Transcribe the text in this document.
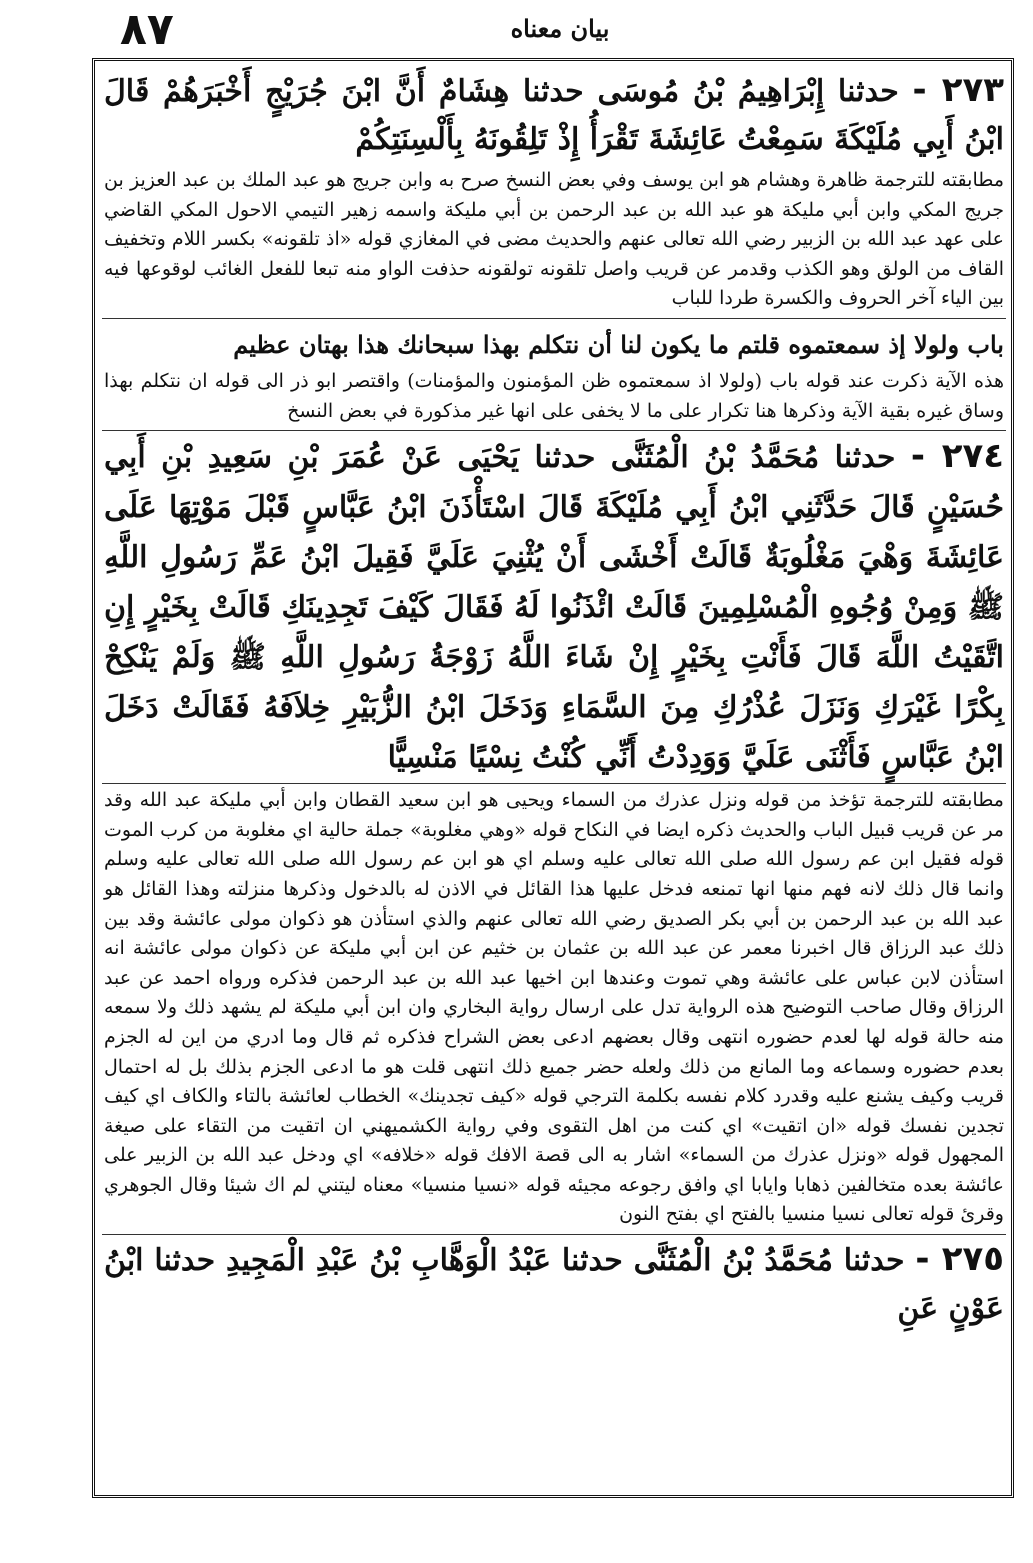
٨٧	بيان معناه

٢٧٣ - حدثنا إِبْرَاهِيمُ بْنُ مُوسَى حدثنا هِشَامٌ أَنَّ ابْنَ جُرَيْجٍ أَخْبَرَهُمْ قَالَ ابْنُ أَبِي مُلَيْكَةَ سَمِعْتُ عَائِشَةَ تَقْرَأُ إِذْ تَلِقُونَهُ بِأَلْسِنَتِكُمْ

مطابقته للترجمة ظاهرة وهشام هو ابن يوسف وفي بعض النسخ صرح به وابن جريج هو عبد الملك بن عبد العزيز بن جريج المكي وابن أبي مليكة هو عبد الله بن عبد الرحمن بن أبي مليكة واسمه زهير التيمي الاحول المكي القاضي على عهد عبد الله بن الزبير رضي الله تعالى عنهم والحديث مضى في المغازي قوله «اذ تلقونه» بكسر اللام وتخفيف القاف من الولق وهو الكذب وقدمر عن قريب واصل تلقونه تولقونه حذفت الواو منه تبعا للفعل الغائب لوقوعها فيه بين الياء آخر الحروف والكسرة طردا للباب

باب ولولا إذ سمعتموه قلتم ما يكون لنا أن نتكلم بهذا سبحانك هذا بهتان عظيم

هذه الآية ذكرت عند قوله باب (ولولا اذ سمعتموه ظن المؤمنون والمؤمنات) واقتصر ابو ذر الى قوله ان نتكلم بهذا وساق غيره بقية الآية وذكرها هنا تكرار على ما لا يخفى على انها غير مذكورة في بعض النسخ

٢٧٤ - حدثنا مُحَمَّدُ بْنُ الْمُثَنَّى حدثنا يَحْيَى عَنْ عُمَرَ بْنِ سَعِيدِ بْنِ أَبِي حُسَيْنٍ قَالَ حَدَّثَنِي ابْنُ أَبِي مُلَيْكَةَ قَالَ اسْتَأْذَنَ ابْنُ عَبَّاسٍ قَبْلَ مَوْتِهَا عَلَى عَائِشَةَ وَهْيَ مَغْلُوبَةٌ قَالَتْ أَخْشَى أَنْ يُثْنِيَ عَلَيَّ فَقِيلَ ابْنُ عَمِّ رَسُولِ اللَّهِ ﷺ وَمِنْ وُجُوهِ الْمُسْلِمِينَ قَالَتْ ائْذَنُوا لَهُ فَقَالَ كَيْفَ تَجِدِينَكِ قَالَتْ بِخَيْرٍ إِنِ اتَّقَيْتُ اللَّهَ قَالَ فَأَنْتِ بِخَيْرٍ إِنْ شَاءَ اللَّهُ زَوْجَةُ رَسُولِ اللَّهِ ﷺ وَلَمْ يَنْكِحْ بِكْرًا غَيْرَكِ وَنَزَلَ عُذْرُكِ مِنَ السَّمَاءِ وَدَخَلَ ابْنُ الزُّبَيْرِ خِلاَفَهُ فَقَالَتْ دَخَلَ ابْنُ عَبَّاسٍ فَأَثْنَى عَلَيَّ وَوَدِدْتُ أَنِّي كُنْتُ نِسْيًا مَنْسِيًّا

مطابقته للترجمة تؤخذ من قوله ونزل عذرك من السماء ويحيى هو ابن سعيد القطان وابن أبي مليكة عبد الله وقد مر عن قريب قبيل الباب والحديث ذكره ايضا في النكاح قوله «وهي مغلوبة» جملة حالية اي مغلوبة من كرب الموت قوله فقيل ابن عم رسول الله صلى الله تعالى عليه وسلم اي هو ابن عم رسول الله صلى الله تعالى عليه وسلم وانما قال ذلك لانه فهم منها انها تمنعه فدخل عليها هذا القائل في الاذن له بالدخول وذكرها منزلته وهذا القائل هو عبد الله بن عبد الرحمن بن أبي بكر الصديق رضي الله تعالى عنهم والذي استأذن هو ذكوان مولى عائشة وقد بين ذلك عبد الرزاق قال اخبرنا معمر عن عبد الله بن عثمان بن خثيم عن ابن أبي مليكة عن ذكوان مولى عائشة انه استأذن لابن عباس على عائشة وهي تموت وعندها ابن اخيها عبد الله بن عبد الرحمن فذكره ورواه احمد عن عبد الرزاق وقال صاحب التوضيح هذه الرواية تدل على ارسال رواية البخاري وان ابن أبي مليكة لم يشهد ذلك ولا سمعه منه حالة قوله لها لعدم حضوره انتهى وقال بعضهم ادعى بعض الشراح فذكره ثم قال وما ادري من اين له الجزم بعدم حضوره وسماعه وما المانع من ذلك ولعله حضر جميع ذلك انتهى قلت هو ما ادعى الجزم بذلك بل له احتمال قريب وكيف يشنع عليه وقدرد كلام نفسه بكلمة الترجي قوله «كيف تجدينك» الخطاب لعائشة بالتاء والكاف اي كيف تجدين نفسك قوله «ان اتقيت» اي كنت من اهل التقوى وفي رواية الكشميهني ان اتقيت من التقاء على صيغة المجهول قوله «ونزل عذرك من السماء» اشار به الى قصة الافك قوله «خلافه» اي ودخل عبد الله بن الزبير على عائشة بعده متخالفين ذهابا وايابا اي وافق رجوعه مجيئه قوله «نسيا منسيا» معناه ليتني لم اك شيئا وقال الجوهري وقرئ قوله تعالى نسيا منسيا بالفتح اي بفتح النون

٢٧٥ - حدثنا مُحَمَّدُ بْنُ الْمُثَنَّى حدثنا عَبْدُ الْوَهَّابِ بْنُ عَبْدِ الْمَجِيدِ حدثنا ابْنُ عَوْنٍ عَنِ
